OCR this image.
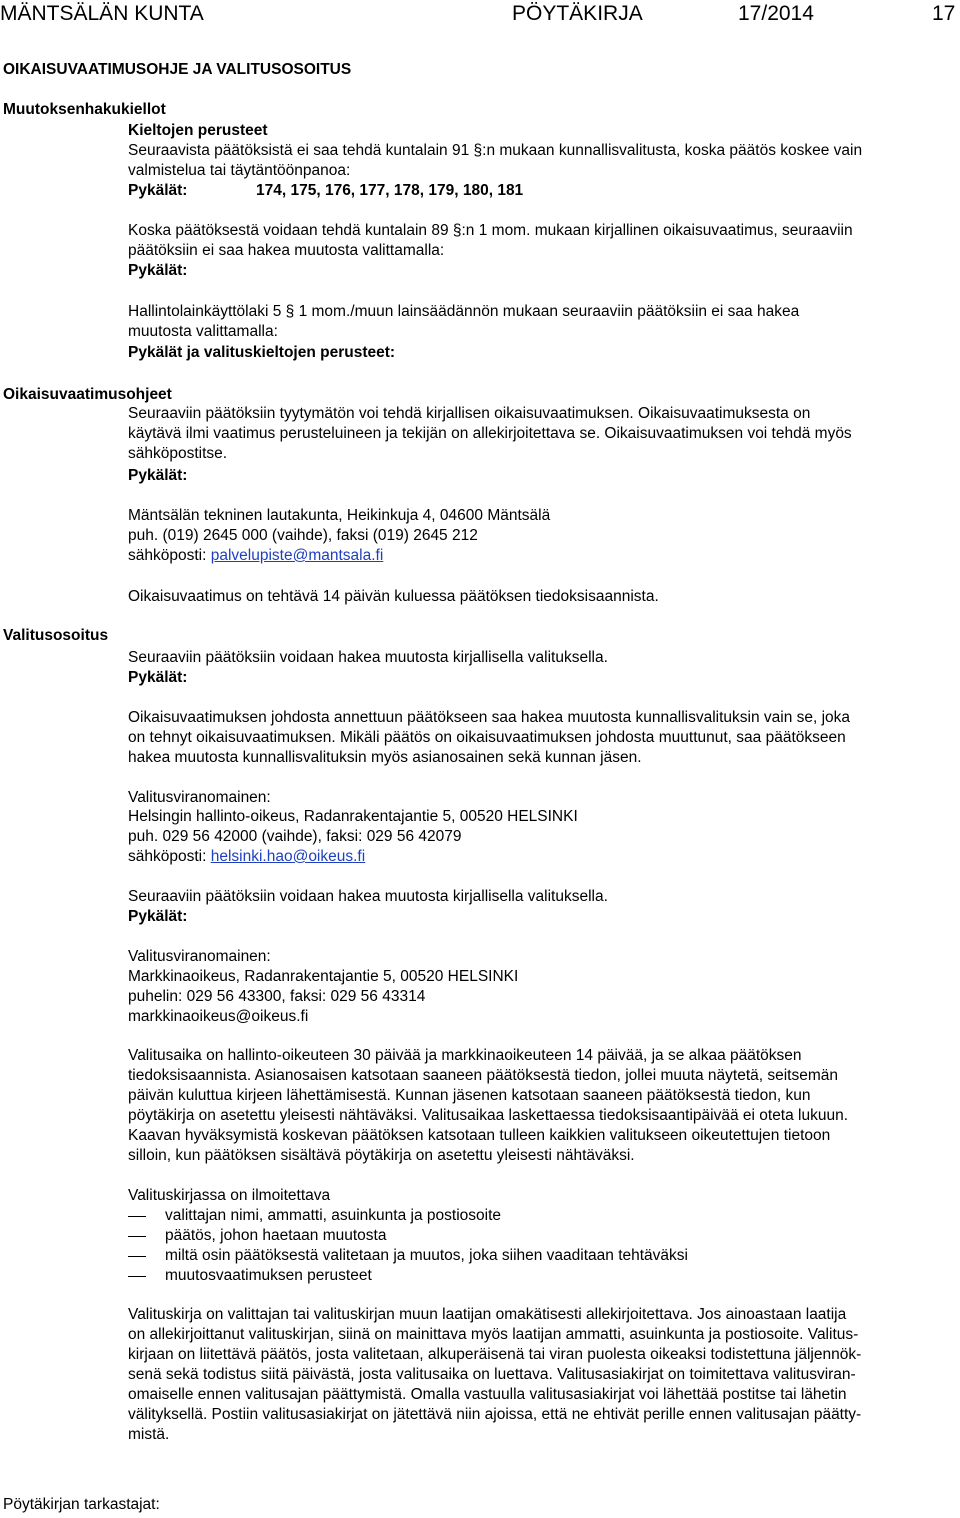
MÄNTSÄLÄN KUNTA	PÖYTÄKIRJA	17/2014	17
OIKAISUVAATIMUSOHJE JA VALITUSOSOITUS
Muutoksenhakukiellot
Kieltojen perusteet
Seuraavista päätöksistä ei saa tehdä kuntalain 91 §:n mukaan kunnallisvalitusta, koska päätös koskee vain
valmistelua tai täytäntöönpanoa:
Pykälät:	174, 175, 176, 177, 178, 179, 180, 181
Koska päätöksestä voidaan tehdä kuntalain 89 §:n 1 mom. mukaan kirjallinen oikaisuvaatimus, seuraaviin
päätöksiin ei saa hakea muutosta valittamalla:
Pykälät:
Hallintolainkäyttölaki 5 § 1 mom./muun lainsäädännön mukaan seuraaviin päätöksiin ei saa hakea
muutosta valittamalla:
Pykälät ja valituskieltojen perusteet:
Oikaisuvaatimusohjeet
Seuraaviin päätöksiin tyytymätön voi tehdä kirjallisen oikaisuvaatimuksen. Oikaisuvaatimuksesta on
käytävä ilmi vaatimus perusteluineen ja tekijän on allekirjoitettava se. Oikaisuvaatimuksen voi tehdä myös
sähköpostitse.
Pykälät:
Mäntsälän tekninen lautakunta, Heikinkuja 4, 04600 Mäntsälä
puh. (019) 2645 000 (vaihde), faksi (019) 2645 212
sähköposti: palvelupiste@mantsala.fi
Oikaisuvaatimus on tehtävä 14 päivän kuluessa päätöksen tiedoksisaannista.
Valitusosoitus
Seuraaviin päätöksiin voidaan hakea muutosta kirjallisella valituksella.
Pykälät:
Oikaisuvaatimuksen johdosta annettuun päätökseen saa hakea muutosta kunnallisvalituksin vain se, joka
on tehnyt oikaisuvaatimuksen. Mikäli päätös on oikaisuvaatimuksen johdosta muuttunut, saa päätökseen
hakea muutosta kunnallisvalituksin myös asianosainen sekä kunnan jäsen.
Valitusviranomainen:
Helsingin hallinto-oikeus, Radanrakentajantie 5, 00520 HELSINKI
puh. 029 56 42000 (vaihde), faksi: 029 56 42079
sähköposti: helsinki.hao@oikeus.fi
Seuraaviin päätöksiin voidaan hakea muutosta kirjallisella valituksella.
Pykälät:
Valitusviranomainen:
Markkinaoikeus, Radanrakentajantie 5, 00520 HELSINKI
puhelin: 029 56 43300, faksi: 029 56 43314
markkinaoikeus@oikeus.fi
Valitusaika on hallinto-oikeuteen 30 päivää ja markkinaoikeuteen 14 päivää, ja se alkaa päätöksen
tiedoksisaannista. Asianosaisen katsotaan saaneen päätöksestä tiedon, jollei muuta näytetä, seitsemän
päivän kuluttua kirjeen lähettämisestä. Kunnan jäsenen katsotaan saaneen päätöksestä tiedon, kun
pöytäkirja on asetettu yleisesti nähtäväksi. Valitusaikaa laskettaessa tiedoksisaantipäivää ei oteta lukuun.
Kaavan hyväksymistä koskevan päätöksen katsotaan tulleen kaikkien valitukseen oikeutettujen tietoon
silloin, kun päätöksen sisältävä pöytäkirja on asetettu yleisesti nähtäväksi.
Valituskirjassa on ilmoitettava
valittajan nimi, ammatti, asuinkunta ja postiosoite
päätös, johon haetaan muutosta
miltä osin päätöksestä valitetaan ja muutos, joka siihen vaaditaan tehtäväksi
muutosvaatimuksen perusteet
Valituskirja on valittajan tai valituskirjan muun laatijan omakätisesti allekirjoitettava. Jos ainoastaan laatija
on allekirjoittanut valituskirjan, siinä on mainittava myös laatijan ammatti, asuinkunta ja postiosoite. Valitus-
kirjaan on liitettävä päätös, josta valitetaan, alkuperäisenä tai viran puolesta oikeaksi todistettuna jäljennök-
senä sekä todistus siitä päivästä, josta valitusaika on luettava. Valitusasiakirjat on toimitettava valitusviran-
omaiselle ennen valitusajan päättymistä. Omalla vastuulla valitusasiakirjat voi lähettää postitse tai lähetin
välityksellä. Postiin valitusasiakirjat on jätettävä niin ajoissa, että ne ehtivät perille ennen valitusajan päätty-
mistä.
Pöytäkirjan tarkastajat:
